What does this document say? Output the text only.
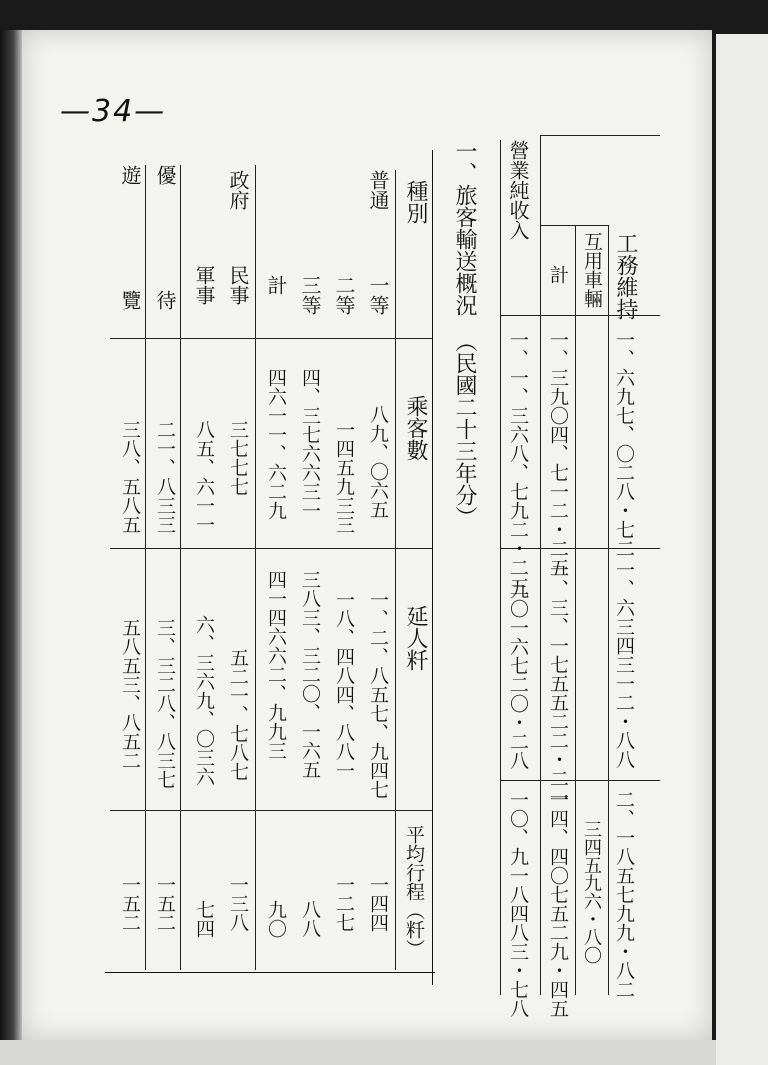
—34—
營業純收入
工務維持
互用車輛
計
一、六九七、〇二八・七二
一、三九〇四、七一二・二五
一、一、三六八、七九二・二三
一、六三四三一二・八八
一、三、一七五五二二・二一
九〇一六七二〇・二八
二、一八五七九九・八二
三四五九六・八〇
一四、四〇七五二九・四五
一〇、九一八四八三・七八
一、旅客輸送概況
（民國二十三年分）
種別
乘客數
延人粁
平均行程（粁）
普通
一等
八九、〇六五
一、二、八五七、九四七
一四四
二等
一四五九三三
一八、四八四、八八一
一二七
三等
四、三七六六三一
三八三、三二〇、一六五
八八
計
四六一一、六二九
四一四六六二、九九三
九〇
政府
民事
三七七七
五二一、七八七
一三八
軍事
八五、六一一
六、三六九、〇三六
七四
優
待
二一、八三三
三、三二八、八三七
一五二
遊
覽
三八、五八五
五八五三、八五二
一五二
